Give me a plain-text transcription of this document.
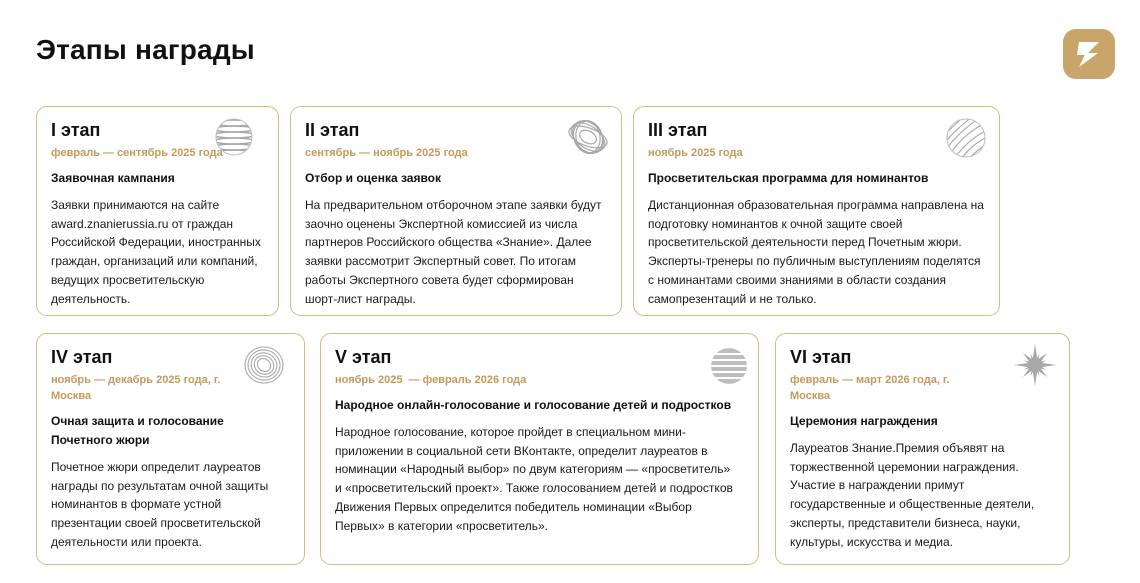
Этапы награды
I этап
февраль — сентябрь 2025 года
Заявочная кампания
Заявки принимаются на сайте award.znanierussia.ru от граждан Российской Федерации, иностранных граждан, организаций или компаний, ведущих просветительскую деятельность.
II этап
сентябрь — ноябрь 2025 года
Отбор и оценка заявок
На предварительном отборочном этапе заявки будут заочно оценены Экспертной комиссией из числа партнеров Российского общества «Знание». Далее заявки рассмотрит Экспертный совет. По итогам работы Экспертного совета будет сформирован шорт-лист награды.
III этап
ноябрь 2025 года
Просветительская программа для номинантов
Дистанционная образовательная программа направлена на подготовку номинантов к очной защите своей просветительской деятельности перед Почетным жюри. Эксперты-тренеры по публичным выступлениям поделятся с номинантами своими знаниями в области создания самопрезентаций и не только.
IV этап
ноябрь — декабрь 2025 года, г. Москва
Очная защита и голосование Почетного жюри
Почетное жюри определит лауреатов награды по результатам очной защиты номинантов в формате устной презентации своей просветительской деятельности или проекта.
V этап
ноябрь 2025  — февраль 2026 года
Народное онлайн-голосование и голосование детей и подростков
Народное голосование, которое пройдет в специальном мини-приложении в социальной сети ВКонтакте, определит лауреатов в номинации «Народный выбор» по двум категориям — «просветитель» и «просветительский проект». Также голосованием детей и подростков Движения Первых определится победитель номинации «Выбор Первых» в категории «просветитель».
VI этап
февраль — март 2026 года, г. Москва
Церемония награждения
Лауреатов Знание.Премия объявят на торжественной церемонии награждения. Участие в награждении примут государственные и общественные деятели, эксперты, представители бизнеса, науки, культуры, искусства и медиа.
